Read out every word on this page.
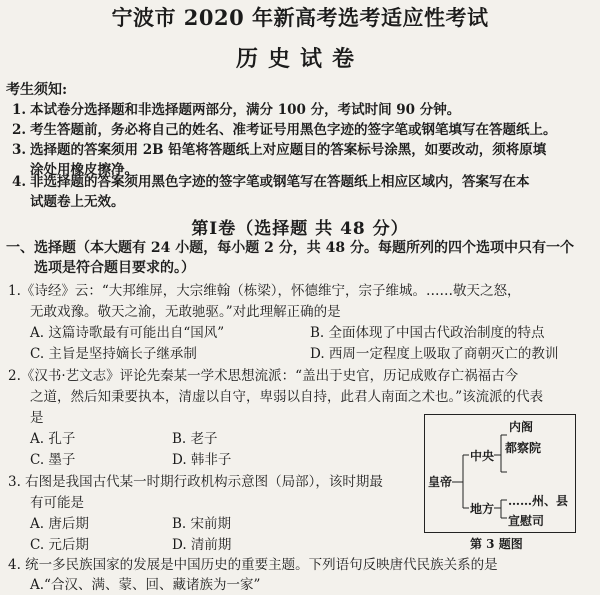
宁波市 2020 年新高考选考适应性考试
历史试卷
考生须知:
1. 本试卷分选择题和非选择题两部分，满分 100 分，考试时间 90 分钟。
2. 考生答题前，务必将自己的姓名、准考证号用黑色字迹的签字笔或钢笔填写在答题纸上。
3. 选择题的答案须用 2B 铅笔将答题纸上对应题目的答案标号涂黑，如要改动，须将原填
涂处用橡皮擦净。
4. 非选择题的答案须用黑色字迹的签字笔或钢笔写在答题纸上相应区域内，答案写在本
试题卷上无效。
第Ⅰ卷（选择题 共 48 分）
一、选择题（本大题有 24 小题，每小题 2 分，共 48 分。每题所列的四个选项中只有一个
选项是符合题目要求的。）
1.《诗经》云：“大邦维屏，大宗维翰（栋梁），怀德维宁，宗子维城。……敬天之怒，
无敢戏豫。敬天之渝，无敢驰驱。”对此理解正确的是
A. 这篇诗歌最有可能出自“国风”	B. 全面体现了中国古代政治制度的特点
C. 主旨是坚持嫡长子继承制	D. 西周一定程度上吸取了商朝灭亡的教训
2.《汉书·艺文志》评论先秦某一学术思想流派：“盖出于史官，历记成败存亡祸福古今
之道，然后知秉要执本，清虚以自守，卑弱以自持，此君人南面之术也。”该流派的代表
是
A. 孔子	B. 老子
C. 墨子	D. 韩非子
3. 右图是我国古代某一时期行政机构示意图（局部），该时期最
有可能是
A. 唐后期	B. 宋前期
C. 元后期	D. 清前期
皇帝
中央
地方
内阁
都察院
……州、县
宣慰司
第 3 题图
4. 统一多民族国家的发展是中国历史的重要主题。下列语句反映唐代民族关系的是
A.“合汉、满、蒙、回、藏诸族为一家”
